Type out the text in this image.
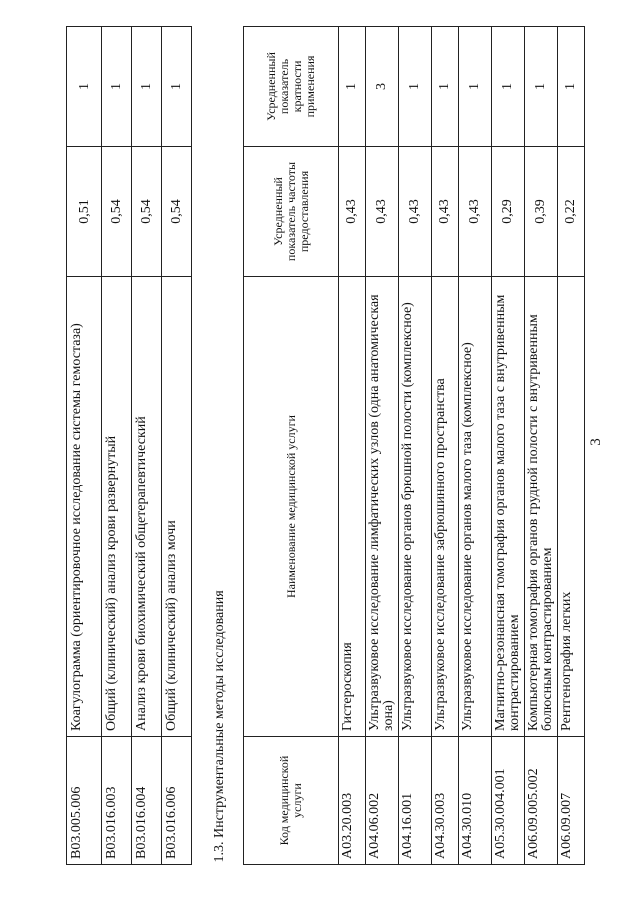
3
B03.005.006	Коагулограмма (ориентировочное исследование системы гемостаза)	0,51	1
B03.016.003	Общий (клинический) анализ крови развернутый	0,54	1
B03.016.004	Анализ крови биохимический общетерапевтический	0,54	1
B03.016.006	Общий (клинический) анализ мочи	0,54	1
1.3. Инструментальные методы исследования			
Код медицинской услуги	Наименование медицинской услуги	Усредненный показатель частоты предоставления	Усредненный показатель кратности применения
A03.20.003	Гистероскопия	0,43	1
A04.06.002	Ультразвуковое исследование лимфатических узлов (одна анатомическая зона)	0,43	3
A04.16.001	Ультразвуковое исследование органов брюшной полости (комплексное)	0,43	1
A04.30.003	Ультразвуковое исследование забрюшинного пространства	0,43	1
A04.30.010	Ультразвуковое исследование органов малого таза (комплексное)	0,43	1
A05.30.004.001	Магнитно-резонансная томография органов малого таза с внутривенным контрастированием	0,29	1
A06.09.005.002	Компьютерная томография органов грудной полости с внутривенным болюсным контрастированием	0,39	1
A06.09.007	Рентгенография легких	0,22	1
